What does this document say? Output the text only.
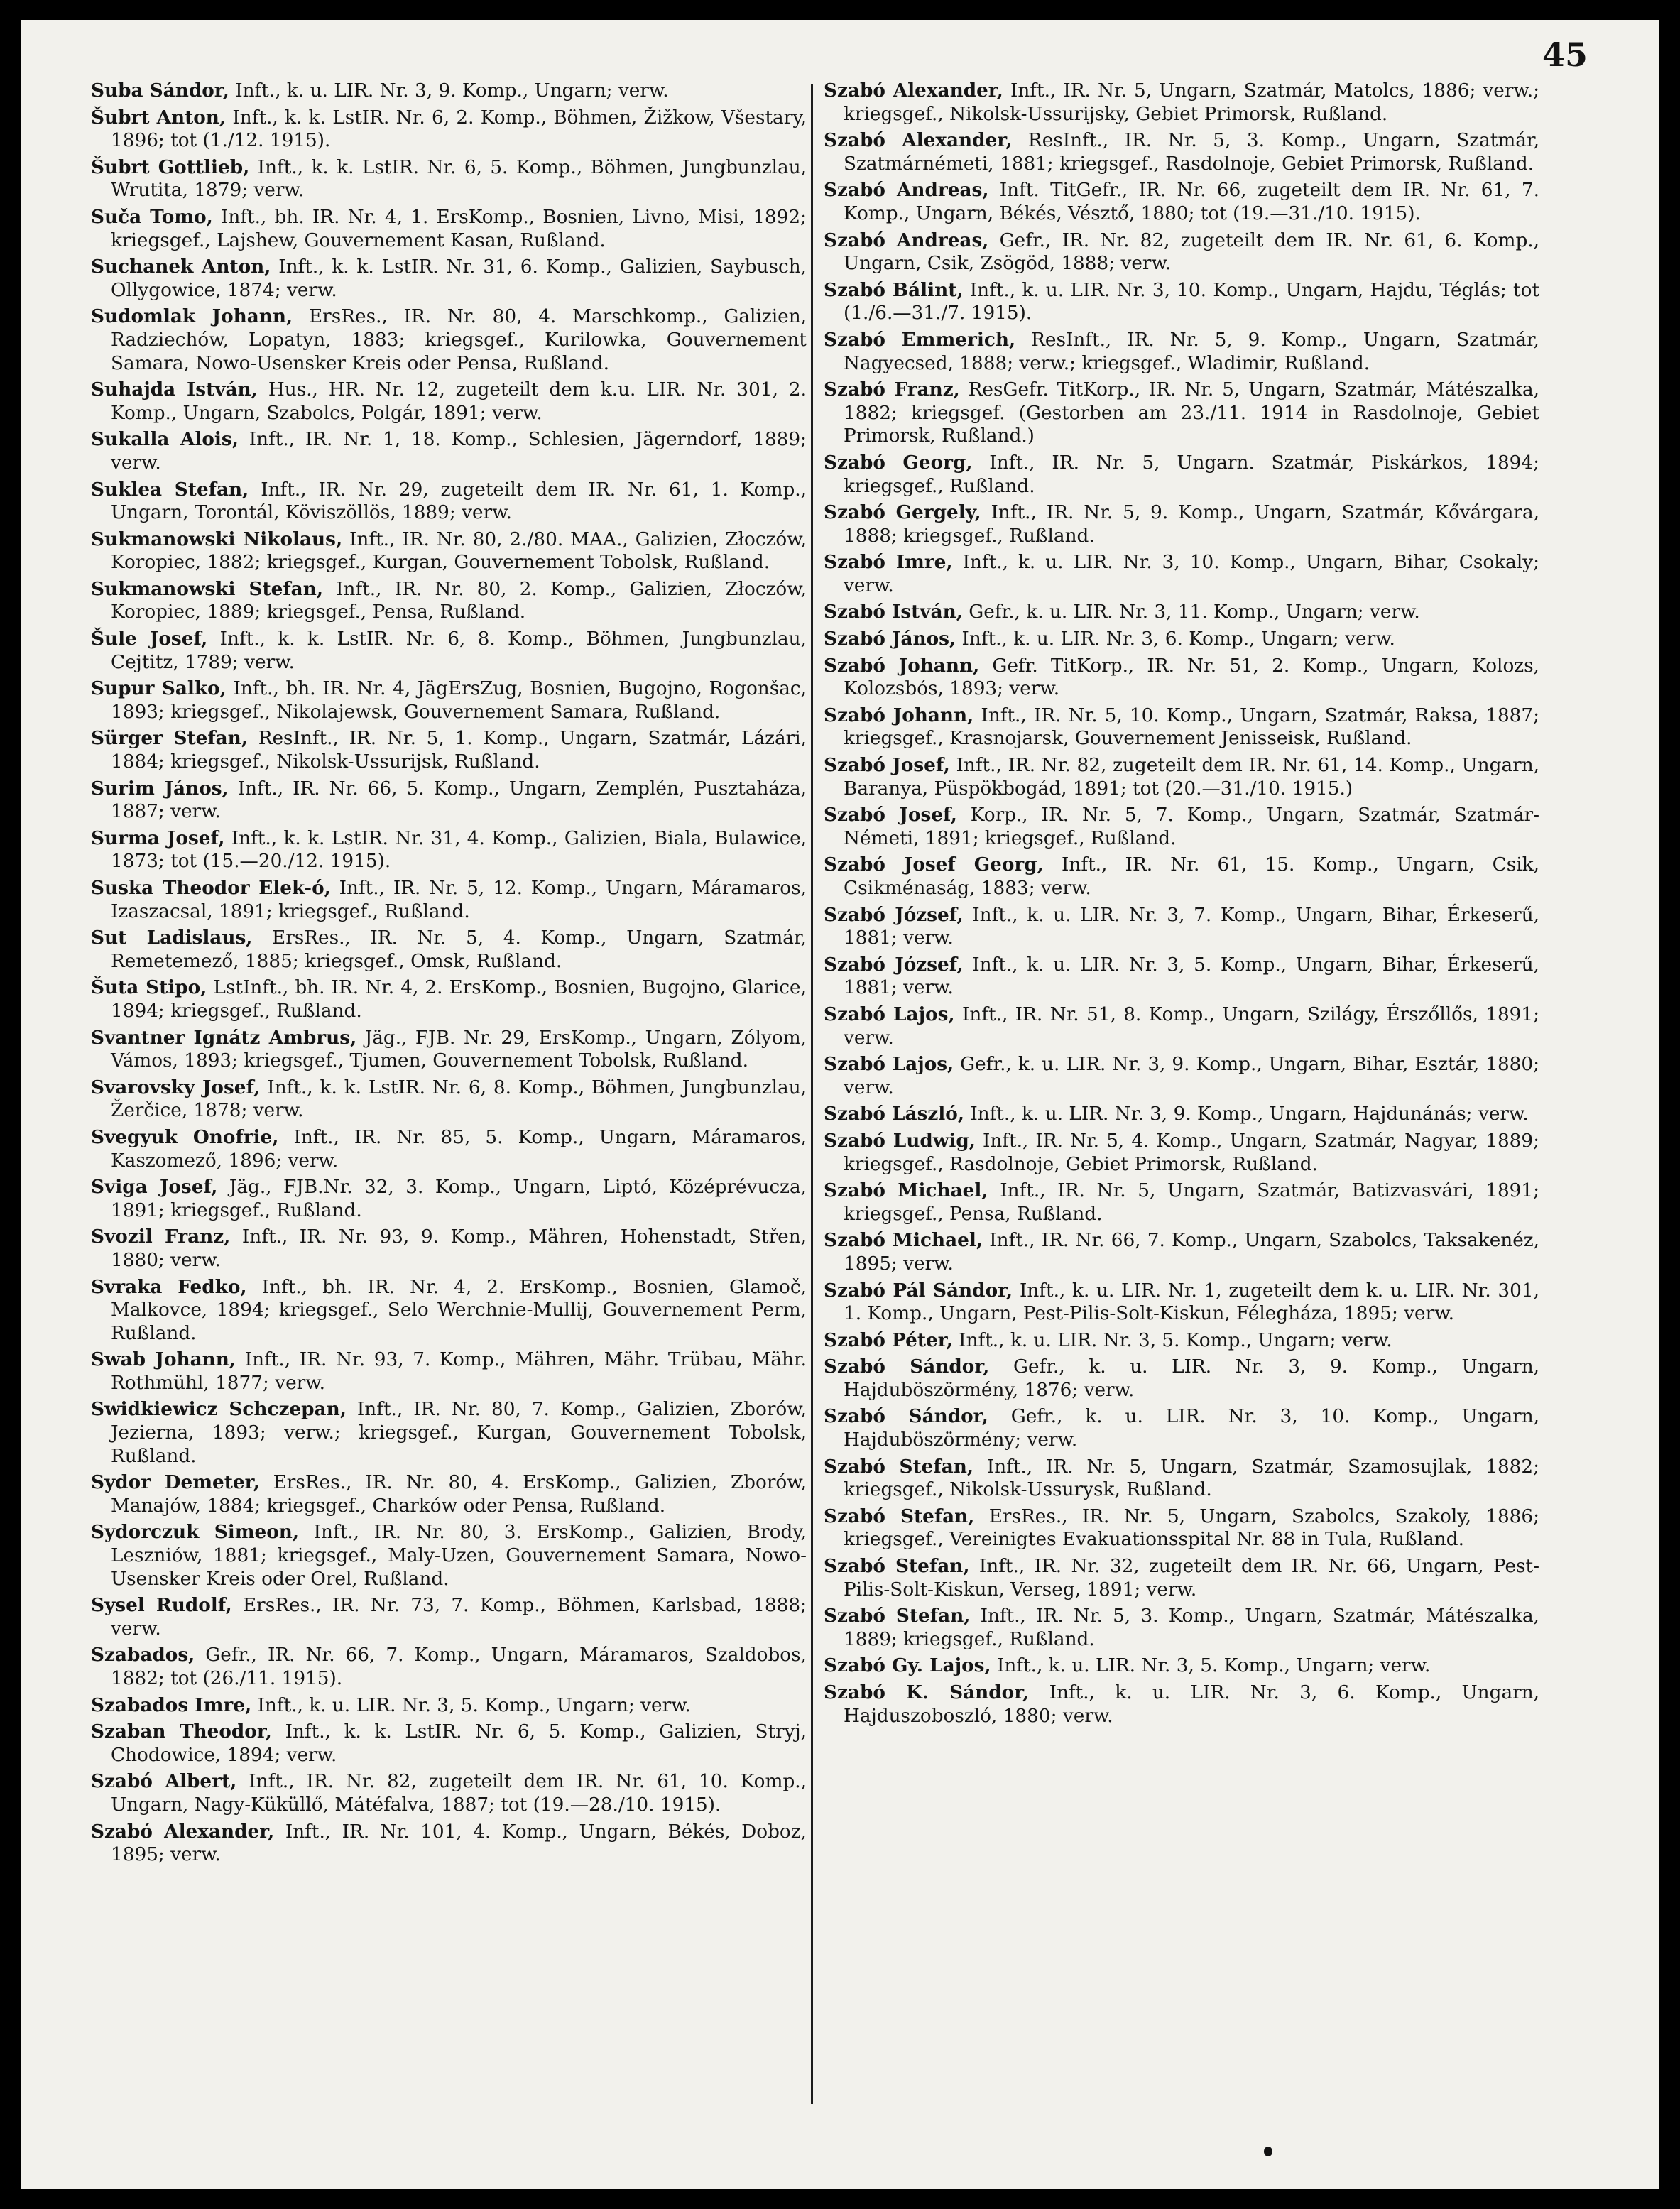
45

Suba Sándor, Inft., k. u. LIR. Nr. 3, 9. Komp., Ungarn; verw.

Šubrt Anton, Inft., k. k. LstIR. Nr. 6, 2. Komp., Böhmen, Žižkow, Všestary, 1896; tot (1./12. 1915).

Šubrt Gottlieb, Inft., k. k. LstIR. Nr. 6, 5. Komp., Böhmen, Jungbunzlau, Wrutita, 1879; verw.

Suča Tomo, Inft., bh. IR. Nr. 4, 1. ErsKomp., Bosnien, Livno, Misi, 1892; kriegsgef., Lajshew, Gouvernement Kasan, Rußland.

Suchanek Anton, Inft., k. k. LstIR. Nr. 31, 6. Komp., Galizien, Saybusch, Ollygowice, 1874; verw.

Sudomlak Johann, ErsRes., IR. Nr. 80, 4. Marschkomp., Galizien, Radziechów, Lopatyn, 1883; kriegsgef., Kurilowka, Gouvernement Samara, Nowo-Usensker Kreis oder Pensa, Rußland.

Suhajda István, Hus., HR. Nr. 12, zugeteilt dem k.u. LIR. Nr. 301, 2. Komp., Ungarn, Szabolcs, Polgár, 1891; verw.

Sukalla Alois, Inft., IR. Nr. 1, 18. Komp., Schlesien, Jägerndorf, 1889; verw.

Suklea Stefan, Inft., IR. Nr. 29, zugeteilt dem IR. Nr. 61, 1. Komp., Ungarn, Torontál, Köviszöllös, 1889; verw.

Sukmanowski Nikolaus, Inft., IR. Nr. 80, 2./80. MAA., Galizien, Złoczów, Koropiec, 1882; kriegsgef., Kurgan, Gouvernement Tobolsk, Rußland.

Sukmanowski Stefan, Inft., IR. Nr. 80, 2. Komp., Galizien, Złoczów, Koropiec, 1889; kriegsgef., Pensa, Rußland.

Šule Josef, Inft., k. k. LstIR. Nr. 6, 8. Komp., Böhmen, Jungbunzlau, Cejtitz, 1789; verw.

Supur Salko, Inft., bh. IR. Nr. 4, JägErsZug, Bosnien, Bugojno, Rogonšac, 1893; kriegsgef., Nikolajewsk, Gouvernement Samara, Rußland.

Sürger Stefan, ResInft., IR. Nr. 5, 1. Komp., Ungarn, Szatmár, Lázári, 1884; kriegsgef., Nikolsk-Ussurijsk, Rußland.

Surim János, Inft., IR. Nr. 66, 5. Komp., Ungarn, Zemplén, Pusztaháza, 1887; verw.

Surma Josef, Inft., k. k. LstIR. Nr. 31, 4. Komp., Galizien, Biala, Bulawice, 1873; tot (15.—20./12. 1915).

Suska Theodor Elek-ó, Inft., IR. Nr. 5, 12. Komp., Ungarn, Máramaros, Izaszacsal, 1891; kriegsgef., Rußland.

Sut Ladislaus, ErsRes., IR. Nr. 5, 4. Komp., Ungarn, Szatmár, Remetemező, 1885; kriegsgef., Omsk, Rußland.

Šuta Stipo, LstInft., bh. IR. Nr. 4, 2. ErsKomp., Bosnien, Bugojno, Glarice, 1894; kriegsgef., Rußland.

Svantner Ignátz Ambrus, Jäg., FJB. Nr. 29, ErsKomp., Ungarn, Zólyom, Vámos, 1893; kriegsgef., Tjumen, Gouvernement Tobolsk, Rußland.

Svarovsky Josef, Inft., k. k. LstIR. Nr. 6, 8. Komp., Böhmen, Jungbunzlau, Žerčice, 1878; verw.

Svegyuk Onofrie, Inft., IR. Nr. 85, 5. Komp., Ungarn, Máramaros, Kaszomező, 1896; verw.

Sviga Josef, Jäg., FJB.Nr. 32, 3. Komp., Ungarn, Liptó, Középrévucza, 1891; kriegsgef., Rußland.

Svozil Franz, Inft., IR. Nr. 93, 9. Komp., Mähren, Hohenstadt, Střen, 1880; verw.

Svraka Fedko, Inft., bh. IR. Nr. 4, 2. ErsKomp., Bosnien, Glamoč, Malkovce, 1894; kriegsgef., Selo Werchnie-Mullij, Gouvernement Perm, Rußland.

Swab Johann, Inft., IR. Nr. 93, 7. Komp., Mähren, Mähr. Trübau, Mähr. Rothmühl, 1877; verw.

Swidkiewicz Schczepan, Inft., IR. Nr. 80, 7. Komp., Galizien, Zborów, Jezierna, 1893; verw.; kriegsgef., Kurgan, Gouvernement Tobolsk, Rußland.

Sydor Demeter, ErsRes., IR. Nr. 80, 4. ErsKomp., Galizien, Zborów, Manajów, 1884; kriegsgef., Charków oder Pensa, Rußland.

Sydorczuk Simeon, Inft., IR. Nr. 80, 3. ErsKomp., Galizien, Brody, Leszniów, 1881; kriegsgef., Maly-Uzen, Gouvernement Samara, Nowo-Usensker Kreis oder Orel, Rußland.

Sysel Rudolf, ErsRes., IR. Nr. 73, 7. Komp., Böhmen, Karlsbad, 1888; verw.

Szabados, Gefr., IR. Nr. 66, 7. Komp., Ungarn, Máramaros, Szaldobos, 1882; tot (26./11. 1915).

Szabados Imre, Inft., k. u. LIR. Nr. 3, 5. Komp., Ungarn; verw.

Szaban Theodor, Inft., k. k. LstIR. Nr. 6, 5. Komp., Galizien, Stryj, Chodowice, 1894; verw.

Szabó Albert, Inft., IR. Nr. 82, zugeteilt dem IR. Nr. 61, 10. Komp., Ungarn, Nagy-Küküllő, Mátéfalva, 1887; tot (19.—28./10. 1915).

Szabó Alexander, Inft., IR. Nr. 101, 4. Komp., Ungarn, Békés, Doboz, 1895; verw.

Szabó Alexander, Inft., IR. Nr. 5, Ungarn, Szatmár, Matolcs, 1886; verw.; kriegsgef., Nikolsk-Ussurijsky, Gebiet Primorsk, Rußland.

Szabó Alexander, ResInft., IR. Nr. 5, 3. Komp., Ungarn, Szatmár, Szatmárnémeti, 1881; kriegsgef., Rasdolnoje, Gebiet Primorsk, Rußland.

Szabó Andreas, Inft. TitGefr., IR. Nr. 66, zugeteilt dem IR. Nr. 61, 7. Komp., Ungarn, Békés, Vésztő, 1880; tot (19.—31./10. 1915).

Szabó Andreas, Gefr., IR. Nr. 82, zugeteilt dem IR. Nr. 61, 6. Komp., Ungarn, Csik, Zsögöd, 1888; verw.

Szabó Bálint, Inft., k. u. LIR. Nr. 3, 10. Komp., Ungarn, Hajdu, Téglás; tot (1./6.—31./7. 1915).

Szabó Emmerich, ResInft., IR. Nr. 5, 9. Komp., Ungarn, Szatmár, Nagyecsed, 1888; verw.; kriegsgef., Wladimir, Rußland.

Szabó Franz, ResGefr. TitKorp., IR. Nr. 5, Ungarn, Szatmár, Mátészalka, 1882; kriegsgef. (Gestorben am 23./11. 1914 in Rasdolnoje, Gebiet Primorsk, Rußland.)

Szabó Georg, Inft., IR. Nr. 5, Ungarn. Szatmár, Piskárkos, 1894; kriegsgef., Rußland.

Szabó Gergely, Inft., IR. Nr. 5, 9. Komp., Ungarn, Szatmár, Kővárgara, 1888; kriegsgef., Rußland.

Szabó Imre, Inft., k. u. LIR. Nr. 3, 10. Komp., Ungarn, Bihar, Csokaly; verw.

Szabó István, Gefr., k. u. LIR. Nr. 3, 11. Komp., Ungarn; verw.

Szabó János, Inft., k. u. LIR. Nr. 3, 6. Komp., Ungarn; verw.

Szabó Johann, Gefr. TitKorp., IR. Nr. 51, 2. Komp., Ungarn, Kolozs, Kolozsbós, 1893; verw.

Szabó Johann, Inft., IR. Nr. 5, 10. Komp., Ungarn, Szatmár, Raksa, 1887; kriegsgef., Krasnojarsk, Gouvernement Jenisseisk, Rußland.

Szabó Josef, Inft., IR. Nr. 82, zugeteilt dem IR. Nr. 61, 14. Komp., Ungarn, Baranya, Püspökbogád, 1891; tot (20.—31./10. 1915.)

Szabó Josef, Korp., IR. Nr. 5, 7. Komp., Ungarn, Szatmár, Szatmár-Németi, 1891; kriegsgef., Rußland.

Szabó Josef Georg, Inft., IR. Nr. 61, 15. Komp., Ungarn, Csik, Csikménaság, 1883; verw.

Szabó József, Inft., k. u. LIR. Nr. 3, 7. Komp., Ungarn, Bihar, Érkeserű, 1881; verw.

Szabó József, Inft., k. u. LIR. Nr. 3, 5. Komp., Ungarn, Bihar, Érkeserű, 1881; verw.

Szabó Lajos, Inft., IR. Nr. 51, 8. Komp., Ungarn, Szilágy, Érszőllős, 1891; verw.

Szabó Lajos, Gefr., k. u. LIR. Nr. 3, 9. Komp., Ungarn, Bihar, Esztár, 1880; verw.

Szabó László, Inft., k. u. LIR. Nr. 3, 9. Komp., Ungarn, Hajdunánás; verw.

Szabó Ludwig, Inft., IR. Nr. 5, 4. Komp., Ungarn, Szatmár, Nagyar, 1889; kriegsgef., Rasdolnoje, Gebiet Primorsk, Rußland.

Szabó Michael, Inft., IR. Nr. 5, Ungarn, Szatmár, Batizvasvári, 1891; kriegsgef., Pensa, Rußland.

Szabó Michael, Inft., IR. Nr. 66, 7. Komp., Ungarn, Szabolcs, Taksakenéz, 1895; verw.

Szabó Pál Sándor, Inft., k. u. LIR. Nr. 1, zugeteilt dem k. u. LIR. Nr. 301, 1. Komp., Ungarn, Pest-Pilis-Solt-Kiskun, Félegháza, 1895; verw.

Szabó Péter, Inft., k. u. LIR. Nr. 3, 5. Komp., Ungarn; verw.

Szabó Sándor, Gefr., k. u. LIR. Nr. 3, 9. Komp., Ungarn, Hajduböszörmény, 1876; verw.

Szabó Sándor, Gefr., k. u. LIR. Nr. 3, 10. Komp., Ungarn, Hajduböszörmény; verw.

Szabó Stefan, Inft., IR. Nr. 5, Ungarn, Szatmár, Szamosujlak, 1882; kriegsgef., Nikolsk-Ussurysk, Rußland.

Szabó Stefan, ErsRes., IR. Nr. 5, Ungarn, Szabolcs, Szakoly, 1886; kriegsgef., Vereinigtes Evakuationsspital Nr. 88 in Tula, Rußland.

Szabó Stefan, Inft., IR. Nr. 32, zugeteilt dem IR. Nr. 66, Ungarn, Pest-Pilis-Solt-Kiskun, Verseg, 1891; verw.

Szabó Stefan, Inft., IR. Nr. 5, 3. Komp., Ungarn, Szatmár, Mátészalka, 1889; kriegsgef., Rußland.

Szabó Gy. Lajos, Inft., k. u. LIR. Nr. 3, 5. Komp., Ungarn; verw.

Szabó K. Sándor, Inft., k. u. LIR. Nr. 3, 6. Komp., Ungarn, Hajduszoboszló, 1880; verw.
